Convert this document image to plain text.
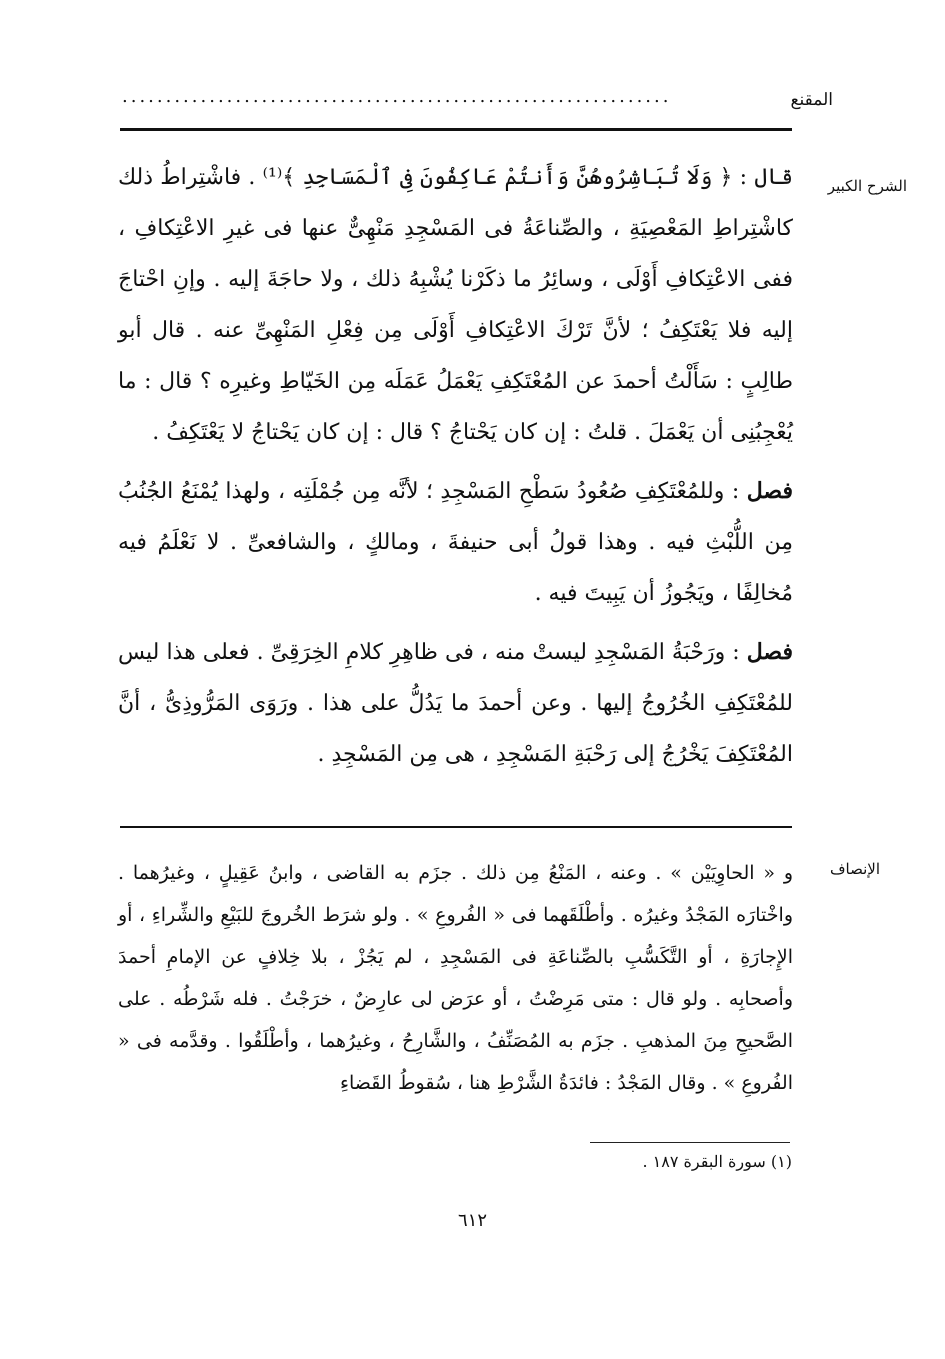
المقنع
...............................................................
الشرح الكبير

قال : ﴿ وَلَا تُبَاشِرُوهُنَّ وَأَنتُمْ عَاكِفُونَ فِى ٱلْمَسَاجِدِ ﴾⁽¹⁾ . فاشْتِراطُ ذلك كاشْتِراطِ المَعْصِيَةِ ، والصِّناعَةُ فى المَسْجِدِ مَنْهِىٌّ عنها فى غيرِ الاعْتِكافِ ، ففى الاعْتِكافِ أَوْلَى ، وسائِرُ ما ذكَرْنا يُشْبِهُ ذلك ، ولا حاجَةَ إليه . وإنِ احْتاجَ إليه فلا يَعْتَكِفُ ؛ لأنَّ تَرْكَ الاعْتِكافِ أَوْلَى مِن فِعْلِ المَنْهِىِّ عنه . قال أبو طالِبٍ : سَأَلْتُ أحمدَ عن المُعْتَكِفِ يَعْمَلُ عَمَلَه مِن الخَيّاطِ وغيرِه ؟ قال : ما يُعْجِبُنِى أن يَعْمَلَ . قلتُ : إن كان يَحْتاجُ ؟ قال : إن كان يَحْتاجُ لا يَعْتَكِفُ .

فصل : وللمُعْتَكِفِ صُعُودُ سَطْحِ المَسْجِدِ ؛ لأنَّه مِن جُمْلَتِه ، ولهذا يُمْنَعُ الجُنُبُ مِن اللُّبْثِ فيه . وهذا قولُ أبى حنيفةَ ، ومالكٍ ، والشافعىِّ . لا نَعْلَمُ فيه مُخالِفًا ، ويَجُوزُ أن يَبِيتَ فيه .

فصل : ورَحْبَةُ المَسْجِدِ ليستْ منه ، فى ظاهِرِ كلامِ الخِرَقِىِّ . فعلى هذا ليس للمُعْتَكِفِ الخُرُوجُ إليها . وعن أحمدَ ما يَدُلُّ على هذا . ورَوَى المَرُّوذِىُّ ، أنَّ المُعْتَكِفَ يَخْرُجُ إلى رَحْبَةِ المَسْجِدِ ، هى مِن المَسْجِدِ .

الإنصاف

و « الحاوِيَيْن » . وعنه ، المَنْعُ مِن ذلك . جزَم به القاضى ، وابنُ عَقِيلٍ ، وغيرُهما . واخْتارَه المَجْدُ وغيرُه . وأطْلَقَهما فى « الفُروعِ » . ولو شرَط الخُروجَ للبَيْعِ والشِّراءِ ، أو الإِجارَةِ ، أو التَّكَسُّبِ بالصِّناعَةِ فى المَسْجِدِ ، لم يَجُزْ ، بلا خِلافٍ عن الإمامِ أحمدَ وأصحابِه . ولو قال : متى مَرِضْتُ ، أو عرَض لى عارِضٌ ، خرَجْتُ . فله شَرْطُه . على الصَّحيحِ مِنَ المذهبِ . جزَم به المُصَنِّفُ ، والشَّارِحُ ، وغيرُهما ، وأطْلَقُوا . وقدَّمه فى « الفُروعِ » . وقال المَجْدُ : فائدَةُ الشَّرْطِ هنا ، سُقوطُ القَضاءِ

(١) سورة البقرة ١٨٧ .
٦١٢
